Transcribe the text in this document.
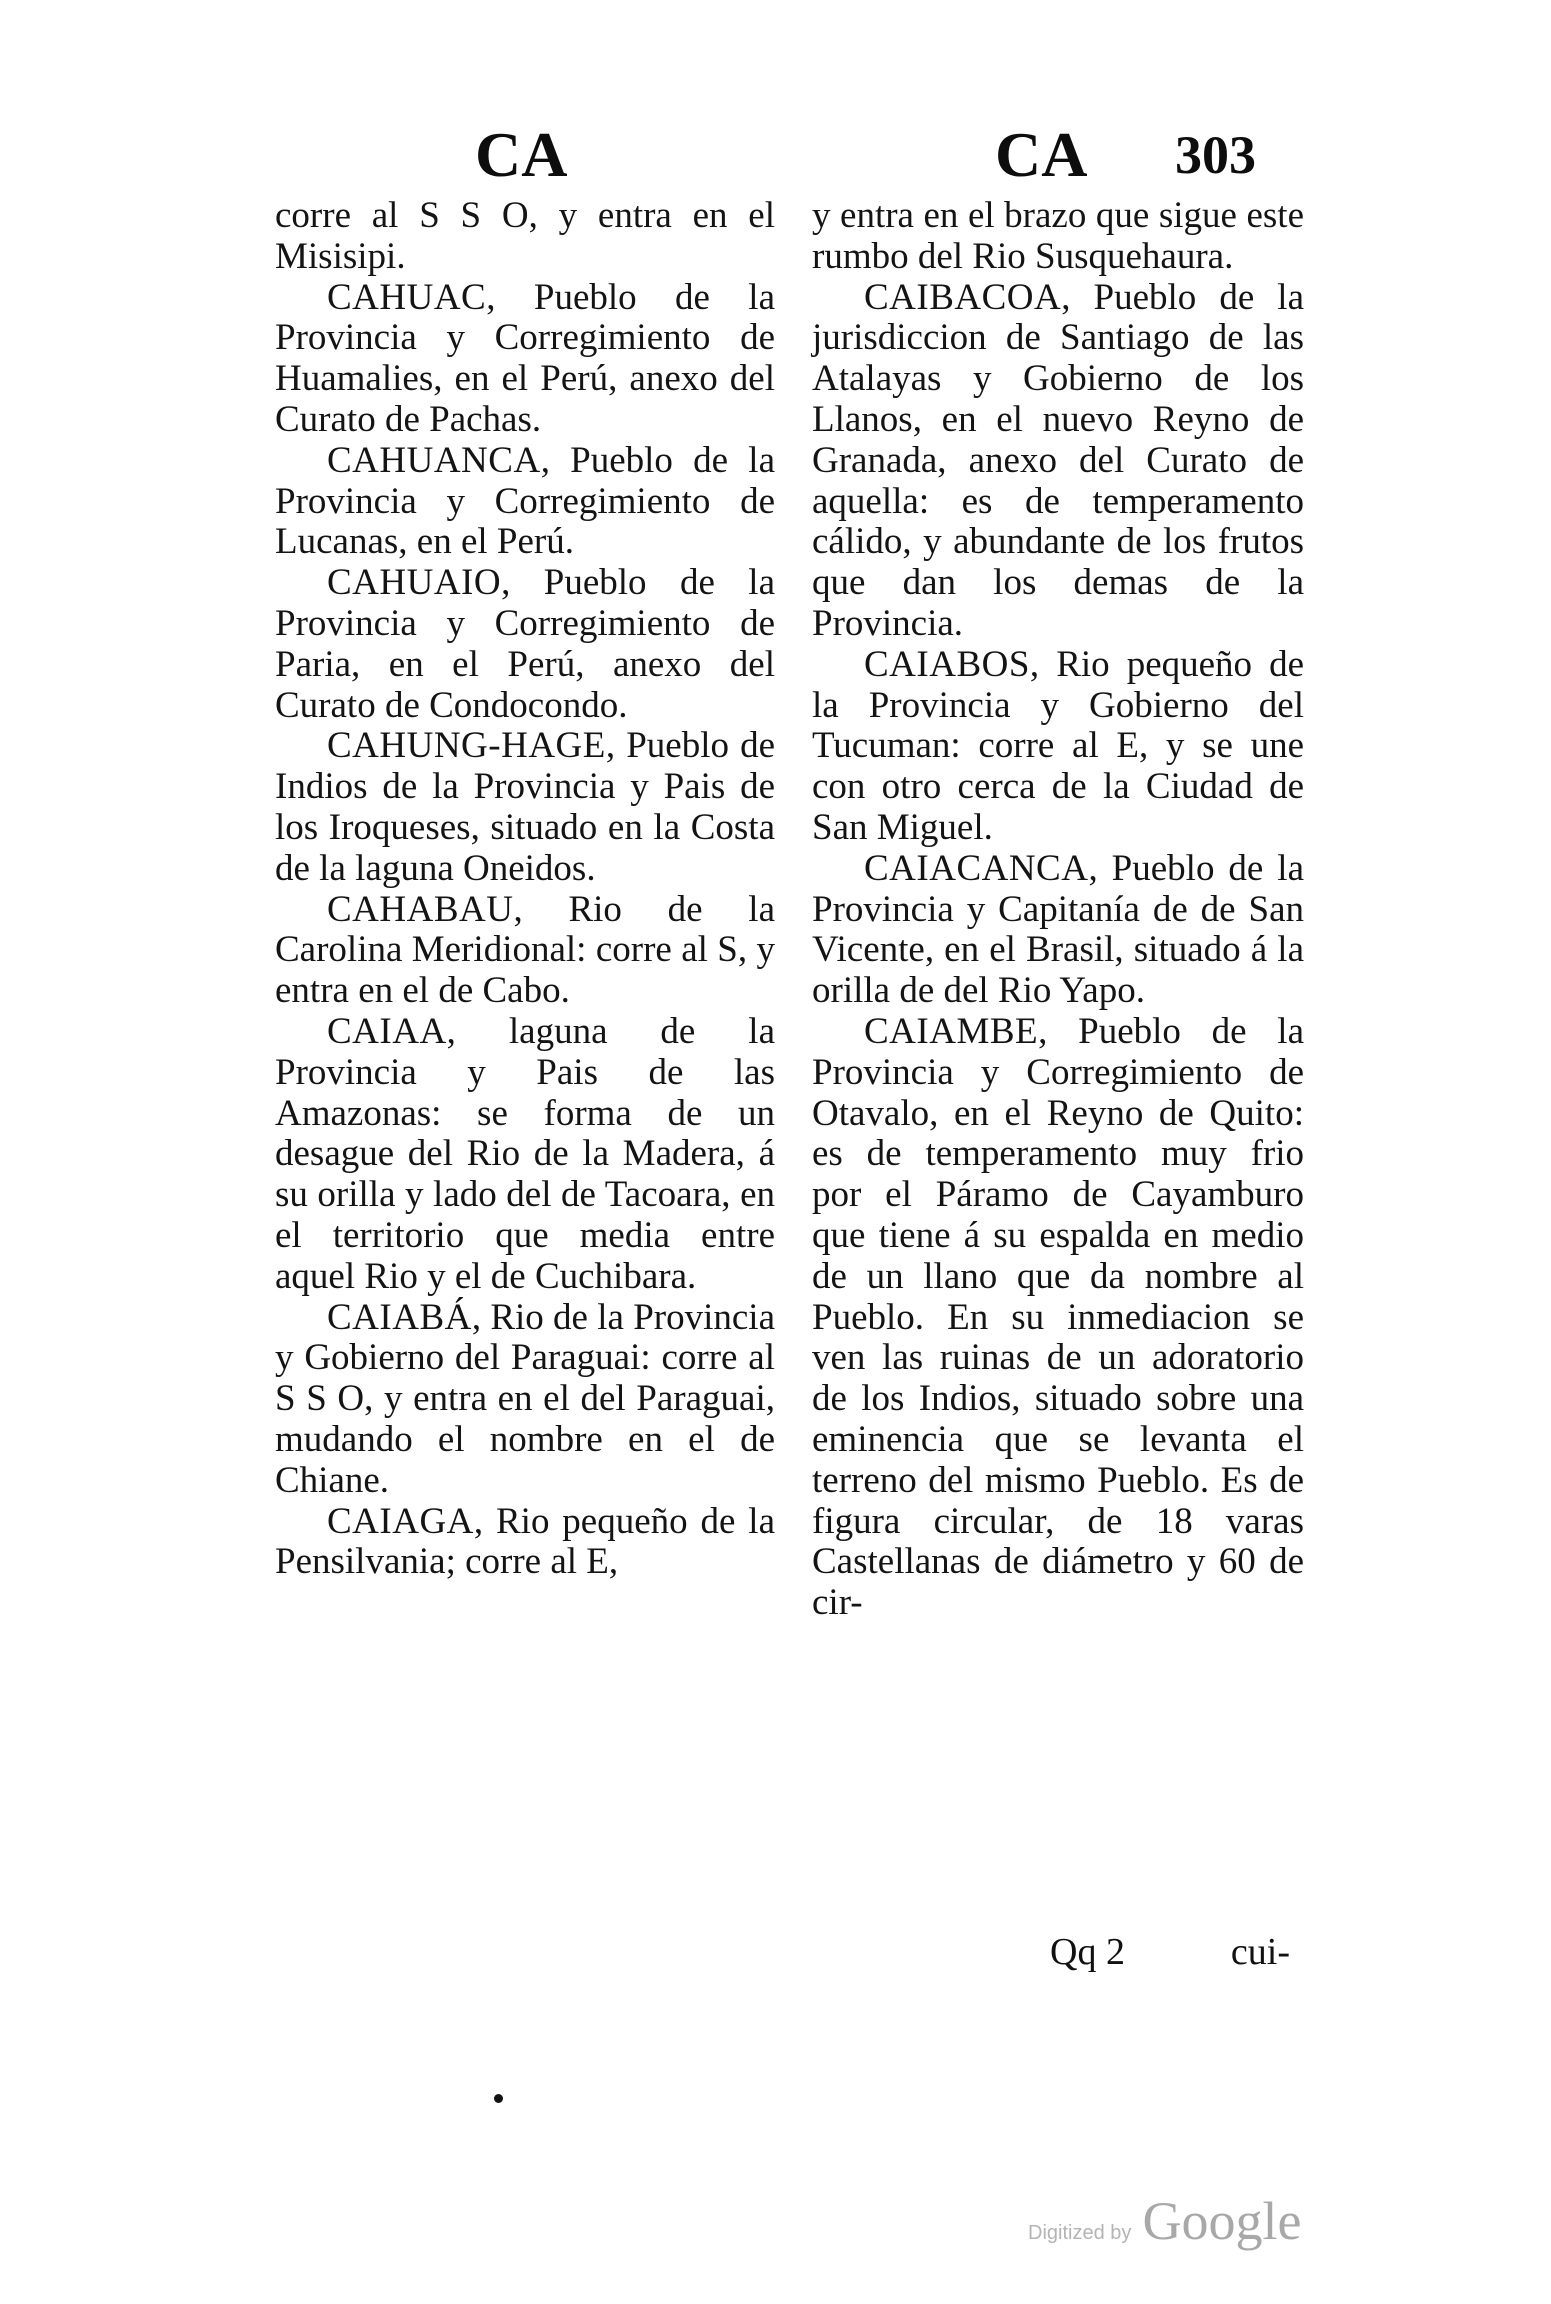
CA	CA 303

corre al S S O, y entra en el Misisipi.

CAHUAC, Pueblo de la Provincia y Corregimiento de Huamalies, en el Perú, anexo del Curato de Pachas.

CAHUANCA, Pueblo de la Provincia y Corregimiento de Lucanas, en el Perú.

CAHUAIO, Pueblo de la Provincia y Corregimiento de Paria, en el Perú, anexo del Curato de Condocondo.

CAHUNG-HAGE, Pueblo de Indios de la Provincia y Pais de los Iroqueses, situado en la Costa de la laguna Oneidos.

CAHABAU, Rio de la Carolina Meridional: corre al S, y entra en el de Cabo.

CAIAA, laguna de la Provincia y Pais de las Amazonas: se forma de un desague del Rio de la Madera, á su orilla y lado del de Tacoara, en el territorio que media entre aquel Rio y el de Cuchibara.

CAIABÁ, Rio de la Provincia y Gobierno del Paraguai: corre al S S O, y entra en el del Paraguai, mudando el nombre en el de Chiane.

CAIAGA, Rio pequeño de la Pensilvania; corre al E,

y entra en el brazo que sigue este rumbo del Rio Susquehaura.

CAIBACOA, Pueblo de la jurisdiccion de Santiago de las Atalayas y Gobierno de los Llanos, en el nuevo Reyno de Granada, anexo del Curato de aquella: es de temperamento cálido, y abundante de los frutos que dan los demas de la Provincia.

CAIABOS, Rio pequeño de la Provincia y Gobierno del Tucuman: corre al E, y se une con otro cerca de la Ciudad de San Miguel.

CAIACANCA, Pueblo de la Provincia y Capitanía de de San Vicente, en el Brasil, situado á la orilla de del Rio Yapo.

CAIAMBE, Pueblo de la Provincia y Corregimiento de Otavalo, en el Reyno de Quito: es de temperamento muy frio por el Páramo de Cayamburo que tiene á su espalda en medio de un llano que da nombre al Pueblo. En su inmediacion se ven las ruinas de un adoratorio de los Indios, situado sobre una eminencia que se levanta el terreno del mismo Pueblo. Es de figura circular, de 18 varas Castellanas de diámetro y 60 de cir-

Qq 2	cui-
Digitized by Google
